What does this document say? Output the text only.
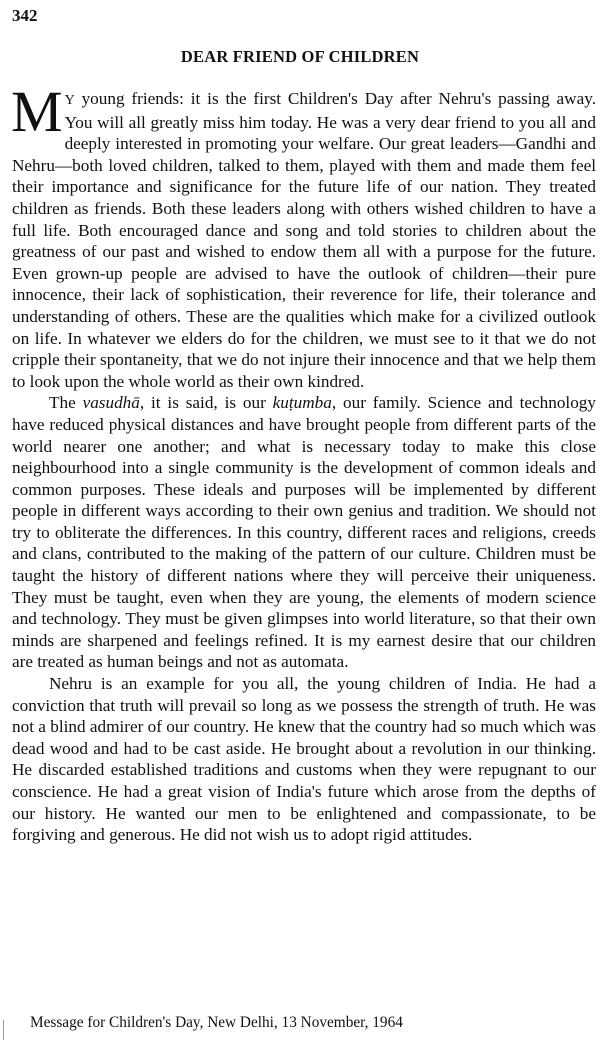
342
DEAR FRIEND OF CHILDREN

MY young friends: it is the first Children's Day after Nehru's passing away. You will all greatly miss him today. He was a very dear friend to you all and deeply interested in promoting your welfare. Our great leaders—Gandhi and Nehru—both loved children, talked to them, played with them and made them feel their importance and significance for the future life of our nation. They treated children as friends. Both these leaders along with others wished children to have a full life. Both encouraged dance and song and told stories to children about the greatness of our past and wished to endow them all with a purpose for the future. Even grown-up people are advised to have the outlook of children—their pure innocence, their lack of sophistication, their reverence for life, their tolerance and understanding of others. These are the qualities which make for a civilized outlook on life. In whatever we elders do for the children, we must see to it that we do not cripple their spontaneity, that we do not injure their innocence and that we help them to look upon the whole world as their own kindred.

The vasudhā, it is said, is our kuṭumba, our family. Science and technology have reduced physical distances and have brought people from different parts of the world nearer one another; and what is necessary today to make this close neighbourhood into a single community is the development of common ideals and common purposes. These ideals and purposes will be implemented by different people in different ways according to their own genius and tradition. We should not try to obliterate the differences. In this country, different races and religions, creeds and clans, contributed to the making of the pattern of our culture. Children must be taught the history of different nations where they will perceive their uniqueness. They must be taught, even when they are young, the elements of modern science and technology. They must be given glimpses into world literature, so that their own minds are sharpened and feelings refined. It is my earnest desire that our children are treated as human beings and not as automata.

Nehru is an example for you all, the young children of India. He had a conviction that truth will prevail so long as we possess the strength of truth. He was not a blind admirer of our country. He knew that the country had so much which was dead wood and had to be cast aside. He brought about a revolution in our thinking. He discarded established traditions and customs when they were repugnant to our conscience. He had a great vision of India's future which arose from the depths of our history. He wanted our men to be enlightened and compassionate, to be forgiving and generous. He did not wish us to adopt rigid attitudes.

Message for Children's Day, New Delhi, 13 November, 1964
